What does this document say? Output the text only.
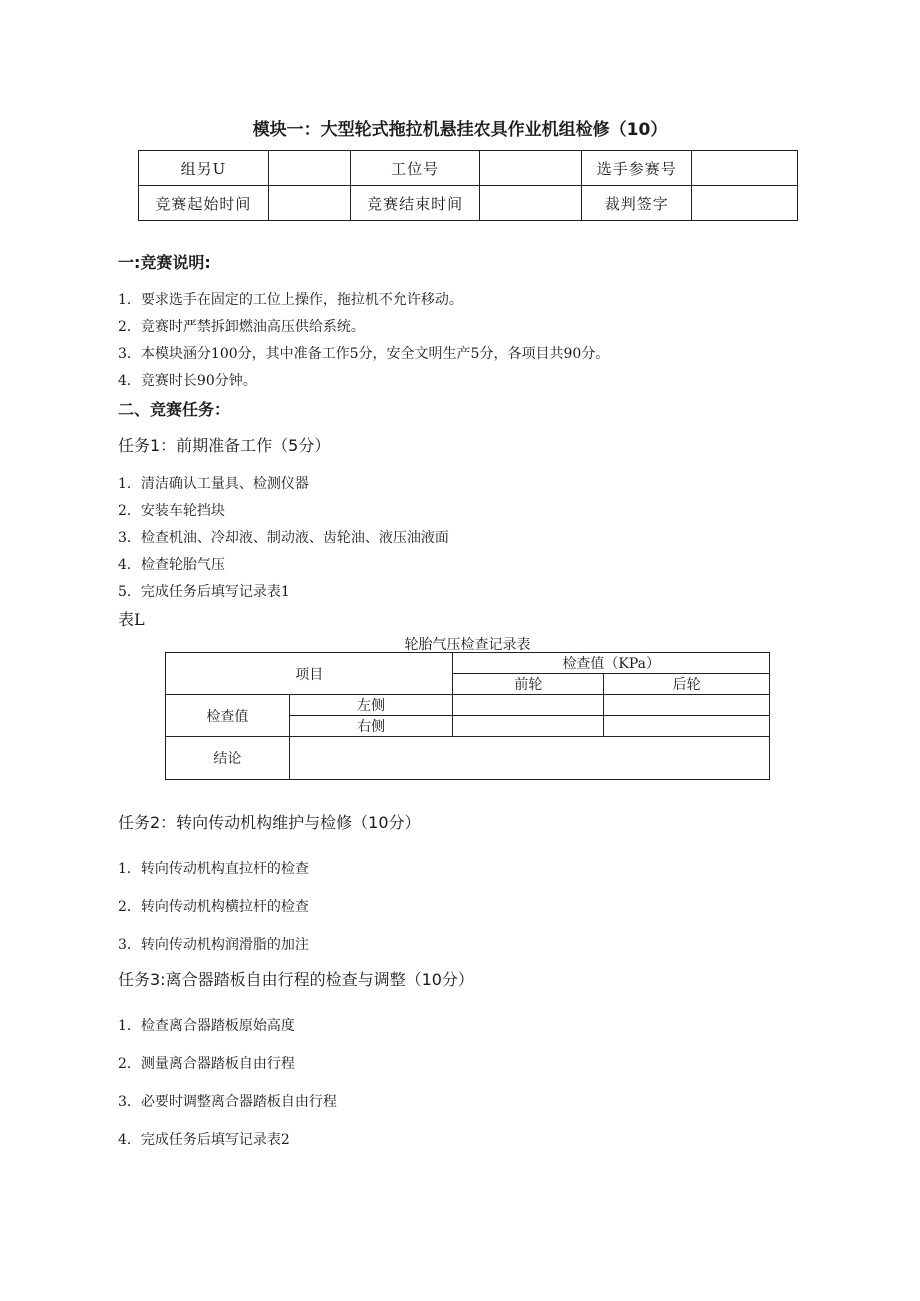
模块一：大型轮式拖拉机悬挂农具作业机组检修（10）
组另U		工位号		选手参赛号	
竞赛起始时间		竞赛结束时间		裁判签字	
一:竞赛说明:
1．要求选手在固定的工位上操作，拖拉机不允许移动。
2．竞赛时严禁拆卸燃油高压供给系统。
3．本模块涵分100分，其中准备工作5分，安全文明生产5分，各项目共90分。
4．竞赛时长90分钟。
二、竞赛任务：
任务1：前期准备工作（5分）
1．清洁确认工量具、检测仪器
2．安装车轮挡块
3．检查机油、冷却液、制动液、齿轮油、液压油液面
4．检查轮胎气压
5．完成任务后填写记录表1
表L
轮胎气压检查记录表
项目		检查值（KPa）	
		前轮	后轮
检查值	左侧		
	右侧		
结论			
任务2：转向传动机构维护与检修（10分）
1．转向传动机构直拉杆的检查
2．转向传动机构横拉杆的检查
3．转向传动机构润滑脂的加注
任务3:离合器踏板自由行程的检查与调整（10分）
1．检查离合器踏板原始高度
2．测量离合器踏板自由行程
3．必要时调整离合器踏板自由行程
4．完成任务后填写记录表2
